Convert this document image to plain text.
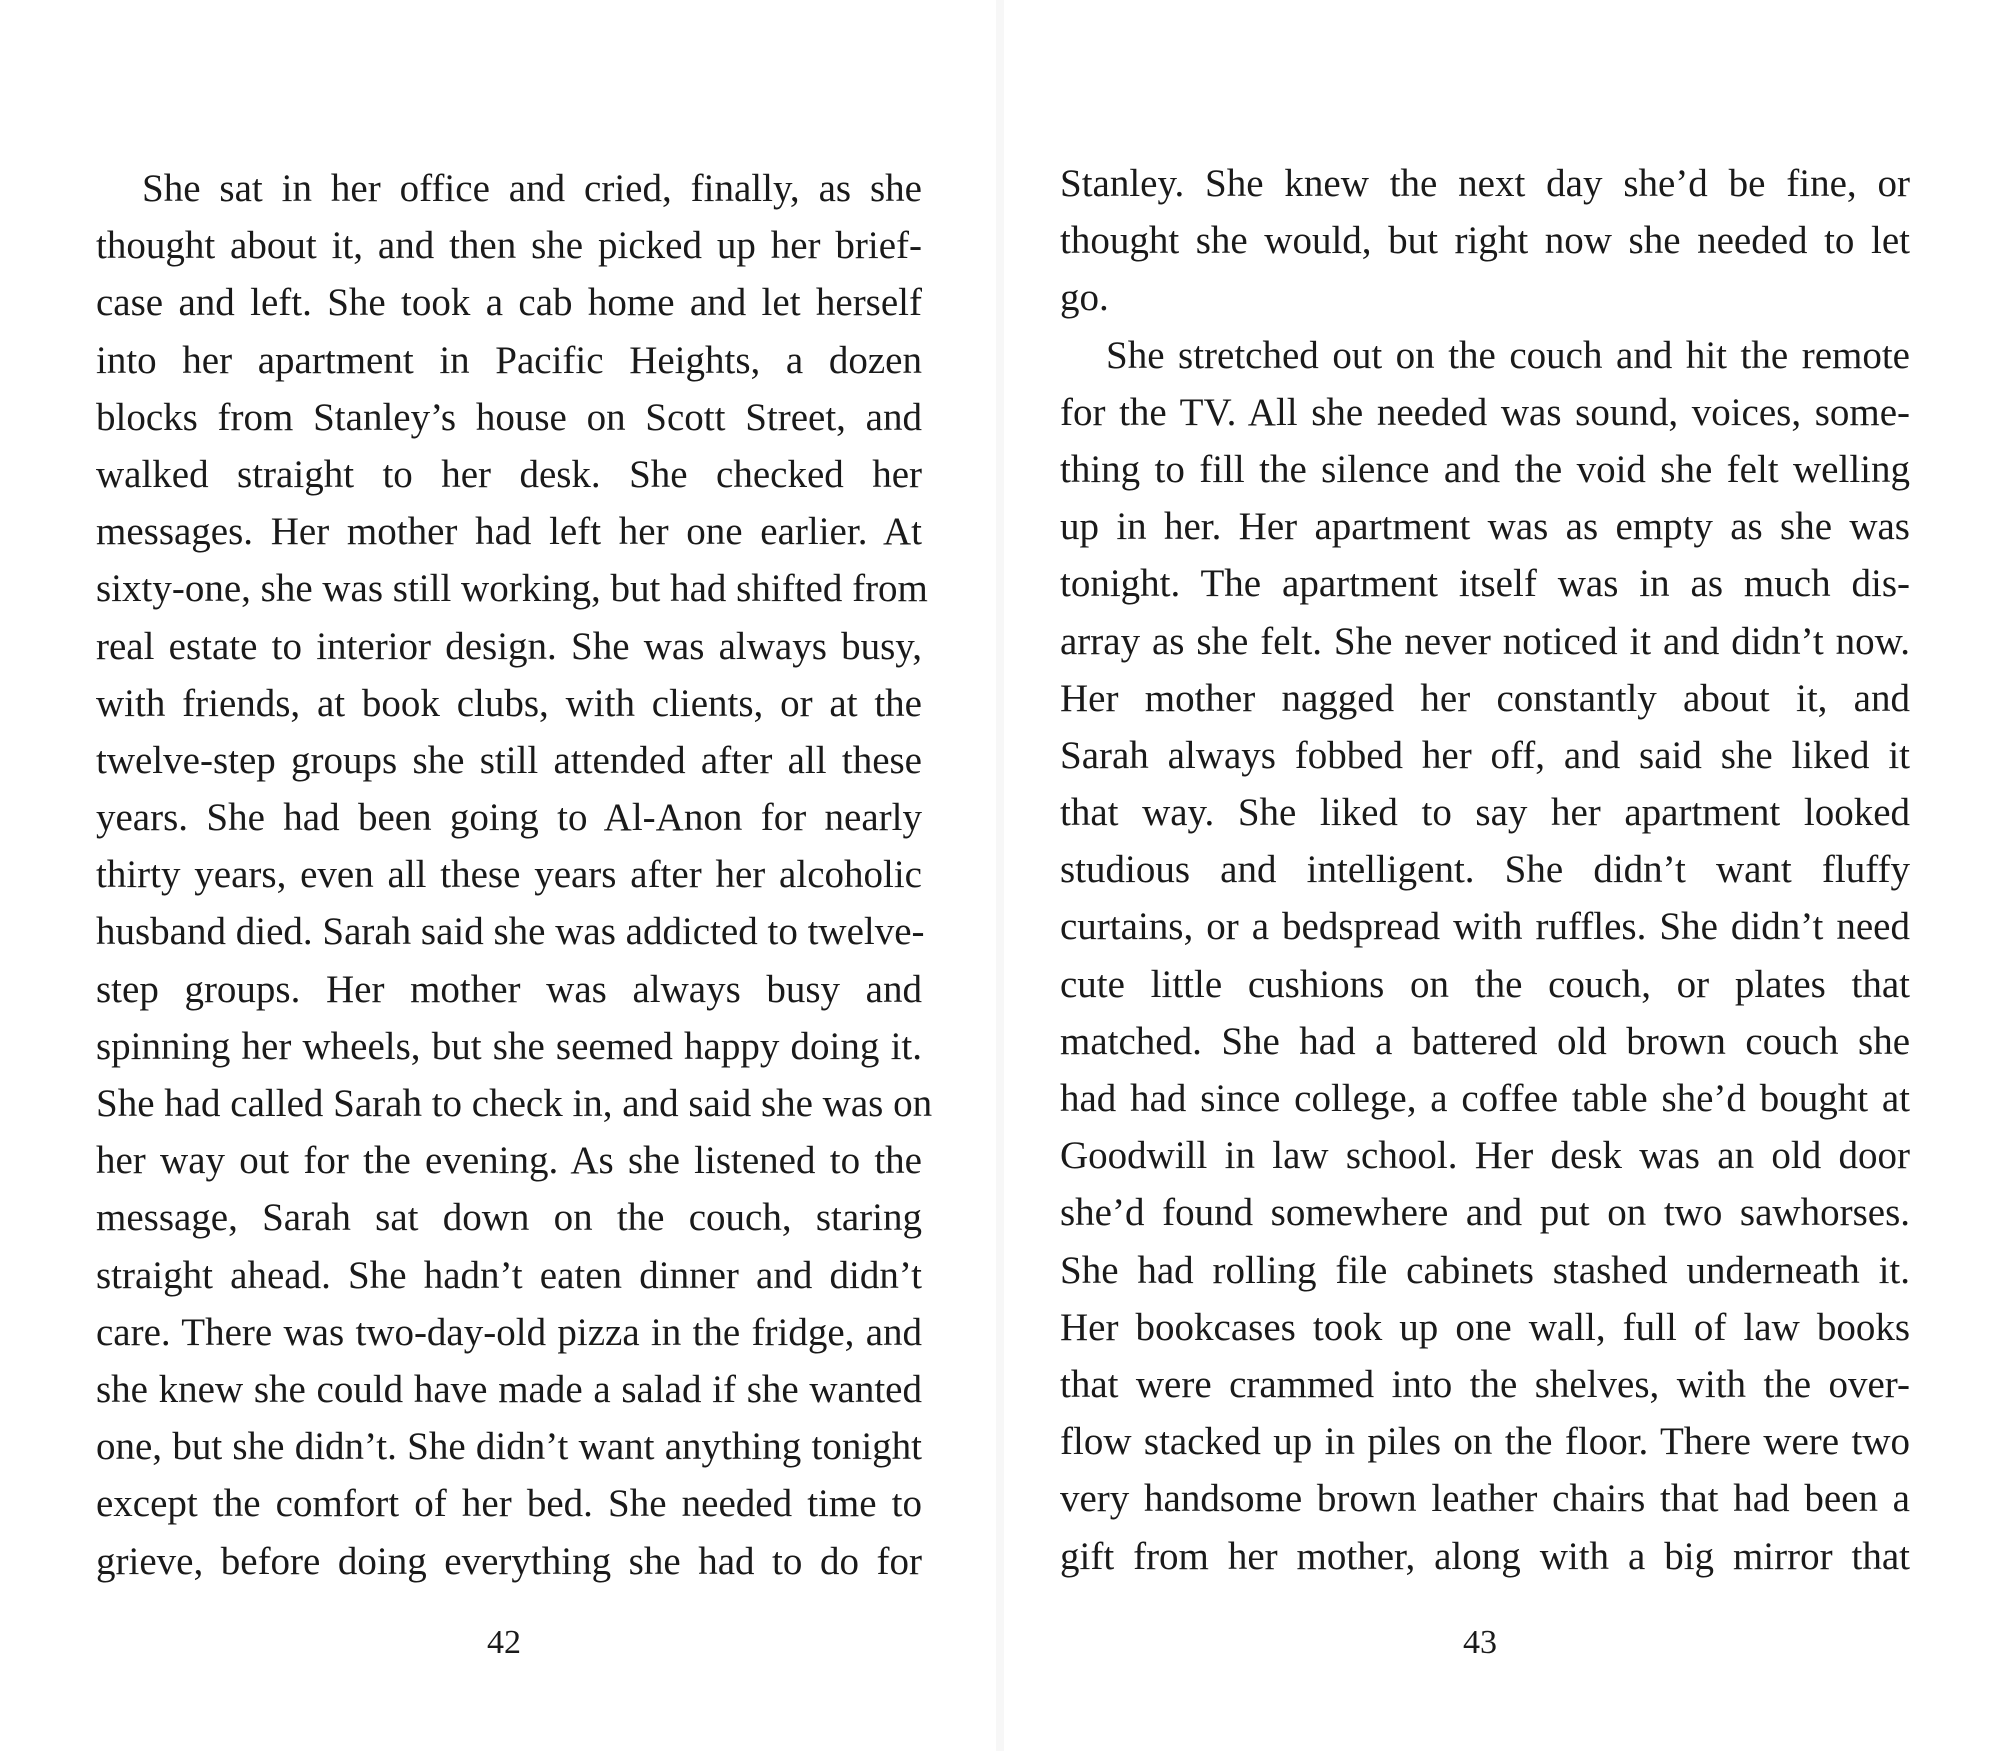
She sat in her office and cried, finally, as she
thought about it, and then she picked up her brief-
case and left. She took a cab home and let herself
into her apartment in Pacific Heights, a dozen
blocks from Stanley’s house on Scott Street, and
walked straight to her desk. She checked her
messages. Her mother had left her one earlier. At
sixty-one, she was still working, but had shifted from
real estate to interior design. She was always busy,
with friends, at book clubs, with clients, or at the
twelve-step groups she still attended after all these
years. She had been going to Al-Anon for nearly
thirty years, even all these years after her alcoholic
husband died. Sarah said she was addicted to twelve-
step groups. Her mother was always busy and
spinning her wheels, but she seemed happy doing it.
She had called Sarah to check in, and said she was on
her way out for the evening. As she listened to the
message, Sarah sat down on the couch, staring
straight ahead. She hadn’t eaten dinner and didn’t
care. There was two-day-old pizza in the fridge, and
she knew she could have made a salad if she wanted
one, but she didn’t. She didn’t want anything tonight
except the comfort of her bed. She needed time to
grieve, before doing everything she had to do for
42
Stanley. She knew the next day she’d be fine, or
thought she would, but right now she needed to let
go.
She stretched out on the couch and hit the remote
for the TV. All she needed was sound, voices, some-
thing to fill the silence and the void she felt welling
up in her. Her apartment was as empty as she was
tonight. The apartment itself was in as much dis-
array as she felt. She never noticed it and didn’t now.
Her mother nagged her constantly about it, and
Sarah always fobbed her off, and said she liked it
that way. She liked to say her apartment looked
studious and intelligent. She didn’t want fluffy
curtains, or a bedspread with ruffles. She didn’t need
cute little cushions on the couch, or plates that
matched. She had a battered old brown couch she
had had since college, a coffee table she’d bought at
Goodwill in law school. Her desk was an old door
she’d found somewhere and put on two sawhorses.
She had rolling file cabinets stashed underneath it.
Her bookcases took up one wall, full of law books
that were crammed into the shelves, with the over-
flow stacked up in piles on the floor. There were two
very handsome brown leather chairs that had been a
gift from her mother, along with a big mirror that
43
